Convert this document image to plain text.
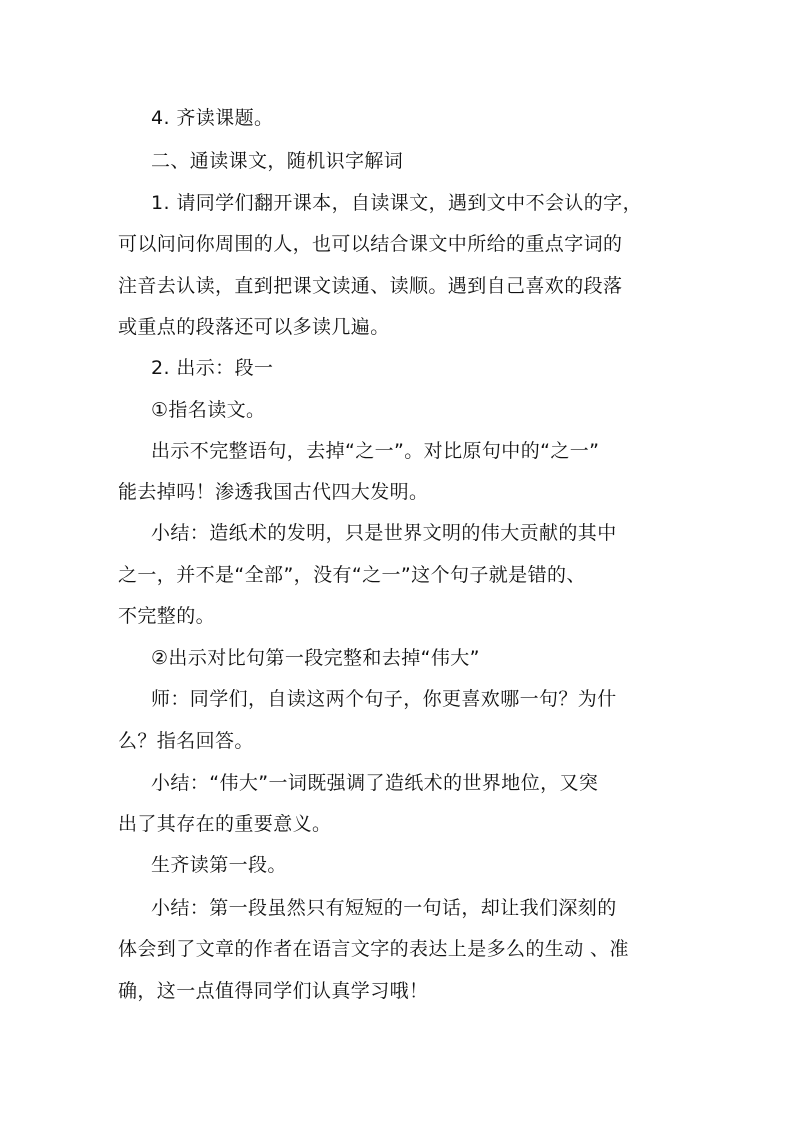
4. 齐读课题。
二、通读课文，随机识字解词
1. 请同学们翻开课本，自读课文，遇到文中不会认的字，
可以问问你周围的人，也可以结合课文中所给的重点字词的
注音去认读，直到把课文读通、读顺。遇到自己喜欢的段落
或重点的段落还可以多读几遍。
2. 出示：段一
①指名读文。
出示不完整语句，去掉“之一”。对比原句中的“之一”
能去掉吗！渗透我国古代四大发明。
小结：造纸术的发明，只是世界文明的伟大贡献的其中
之一，并不是“全部”，没有“之一”这个句子就是错的、
不完整的。
②出示对比句第一段完整和去掉“伟大”
师：同学们，自读这两个句子，你更喜欢哪一句？为什
么？指名回答。
小结：“伟大”一词既强调了造纸术的世界地位，又突
出了其存在的重要意义。
生齐读第一段。
小结：第一段虽然只有短短的一句话，却让我们深刻的
体会到了文章的作者在语言文字的表达上是多么的生动 、准
确，这一点值得同学们认真学习哦！
